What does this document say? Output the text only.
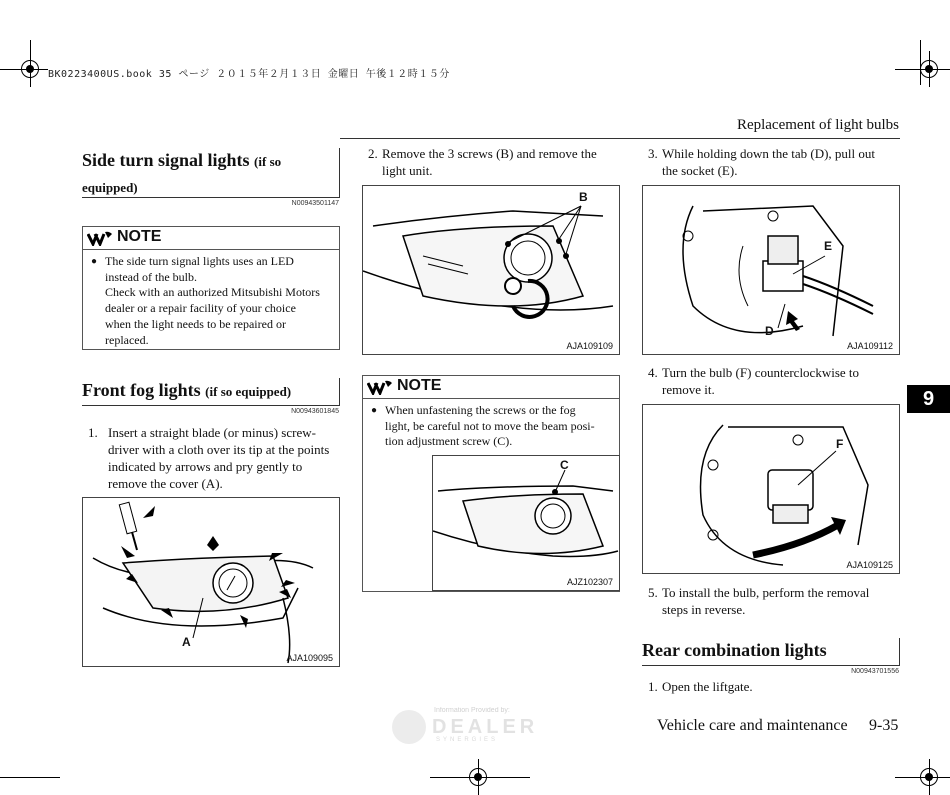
BK0223400US.book 35 ページ ２０１５年２月１３日 金曜日 午後１２時１５分
Replacement of light bulbs
9
Side turn signal lights (if so
equipped)
N00943501147
NOTE
● The side turn signal lights uses an LED
instead of the bulb.
Check with an authorized Mitsubishi Motors
dealer or a repair facility of your choice
when the light needs to be repaired or
replaced.
Front fog lights (if so equipped)
N00943601845
1. Insert a straight blade (or minus) screw-
driver with a cloth over its tip at the points
indicated by arrows and pry gently to
remove the cover (A).
A
AJA109095
2. Remove the 3 screws (B) and remove the
light unit.
B
AJA109109
NOTE
● When unfastening the screws or the fog
light, be careful not to move the beam posi-
tion adjustment screw (C).
C
AJZ102307
3. While holding down the tab (D), pull out
the socket (E).
E
D
AJA109112
4. Turn the bulb (F) counterclockwise to
remove it.
F
AJA109125
5. To install the bulb, perform the removal
steps in reverse.
Rear combination lights
N00943701556
1. Open the liftgate.
Information Provided by:
DEALER
SYNERGIES
Vehicle care and maintenance 9-35
